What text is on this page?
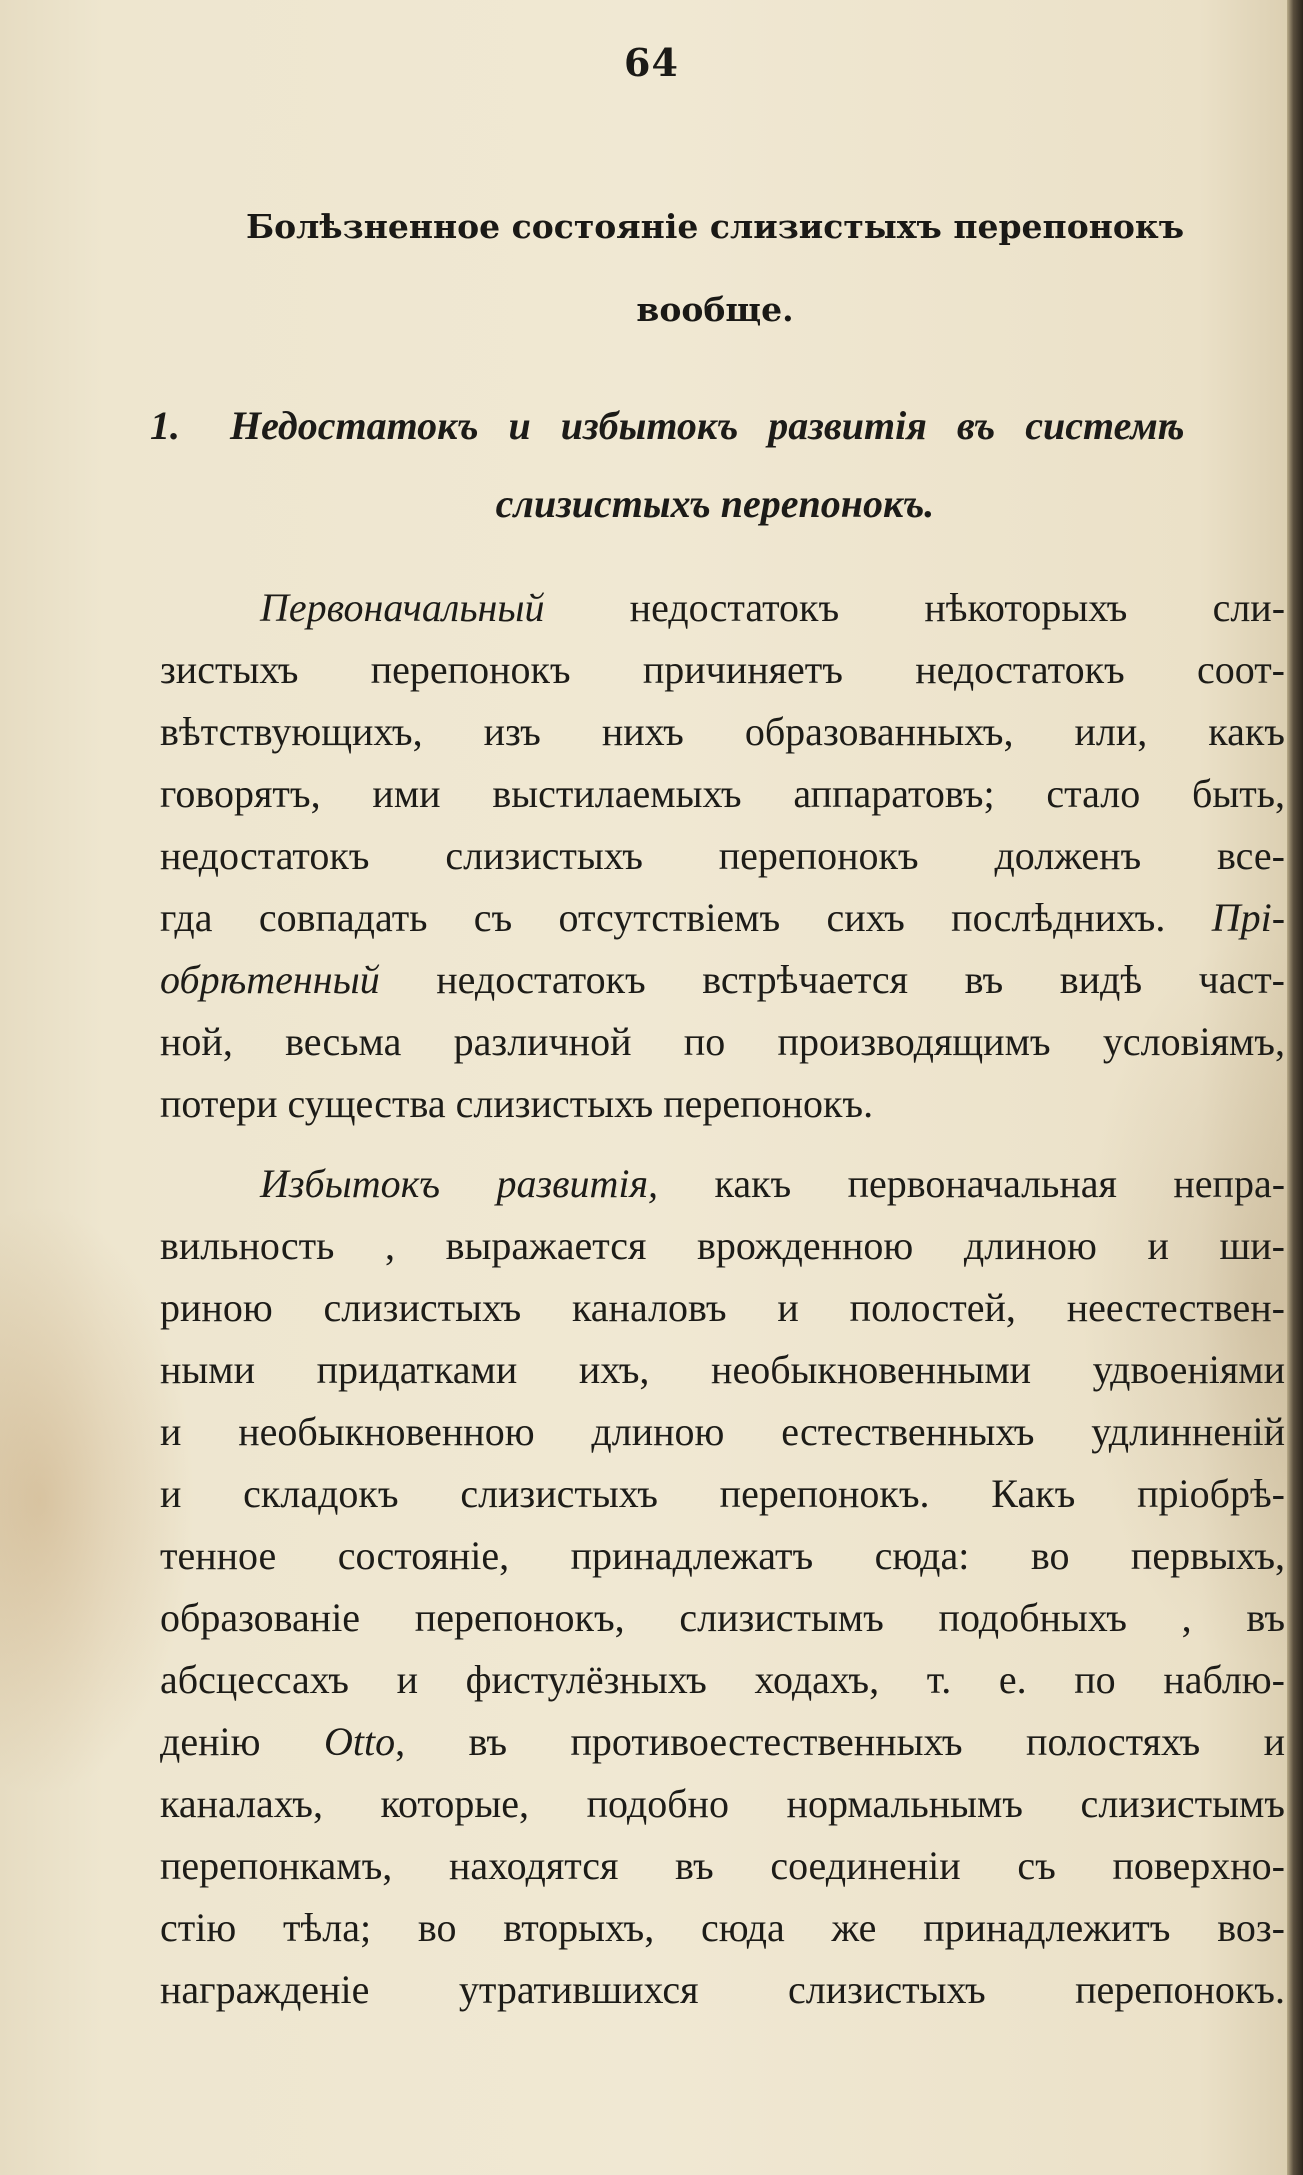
64
Болѣзненное состояніе слизистыхъ перепонокъ
вообще.
1. Недостатокъ и избытокъ развитія въ системѣ
слизистыхъ перепонокъ.
Первоначальный недостатокъ нѣкоторыхъ сли-
зистыхъ перепонокъ причиняетъ недостатокъ соот-
вѣтствующихъ, изъ нихъ образованныхъ, или, какъ
говорятъ, ими выстилаемыхъ аппаратовъ; стало быть,
недостатокъ слизистыхъ перепонокъ долженъ все-
гда совпадать съ отсутствіемъ сихъ послѣднихъ. Прі-
обрѣтенный недостатокъ встрѣчается въ видѣ част-
ной, весьма различной по производящимъ условіямъ,
потери существа слизистыхъ перепонокъ.
Избытокъ развитія, какъ первоначальная непра-
вильность , выражается врожденною длиною и ши-
риною слизистыхъ каналовъ и полостей, неестествен-
ными придатками ихъ, необыкновенными удвоеніями
и необыкновенною длиною естественныхъ удлинненій
и складокъ слизистыхъ перепонокъ. Какъ пріобрѣ-
тенное состояніе, принадлежатъ сюда: во первыхъ,
образованіе перепонокъ, слизистымъ подобныхъ , въ
абсцессахъ и фистулёзныхъ ходахъ, т. е. по наблю-
денію Otto, въ противоестественныхъ полостяхъ и
каналахъ, которые, подобно нормальнымъ слизистымъ
перепонкамъ, находятся въ соединеніи съ поверхно-
стію тѣла; во вторыхъ, сюда же принадлежитъ воз-
награжденіе утратившихся слизистыхъ перепонокъ.
